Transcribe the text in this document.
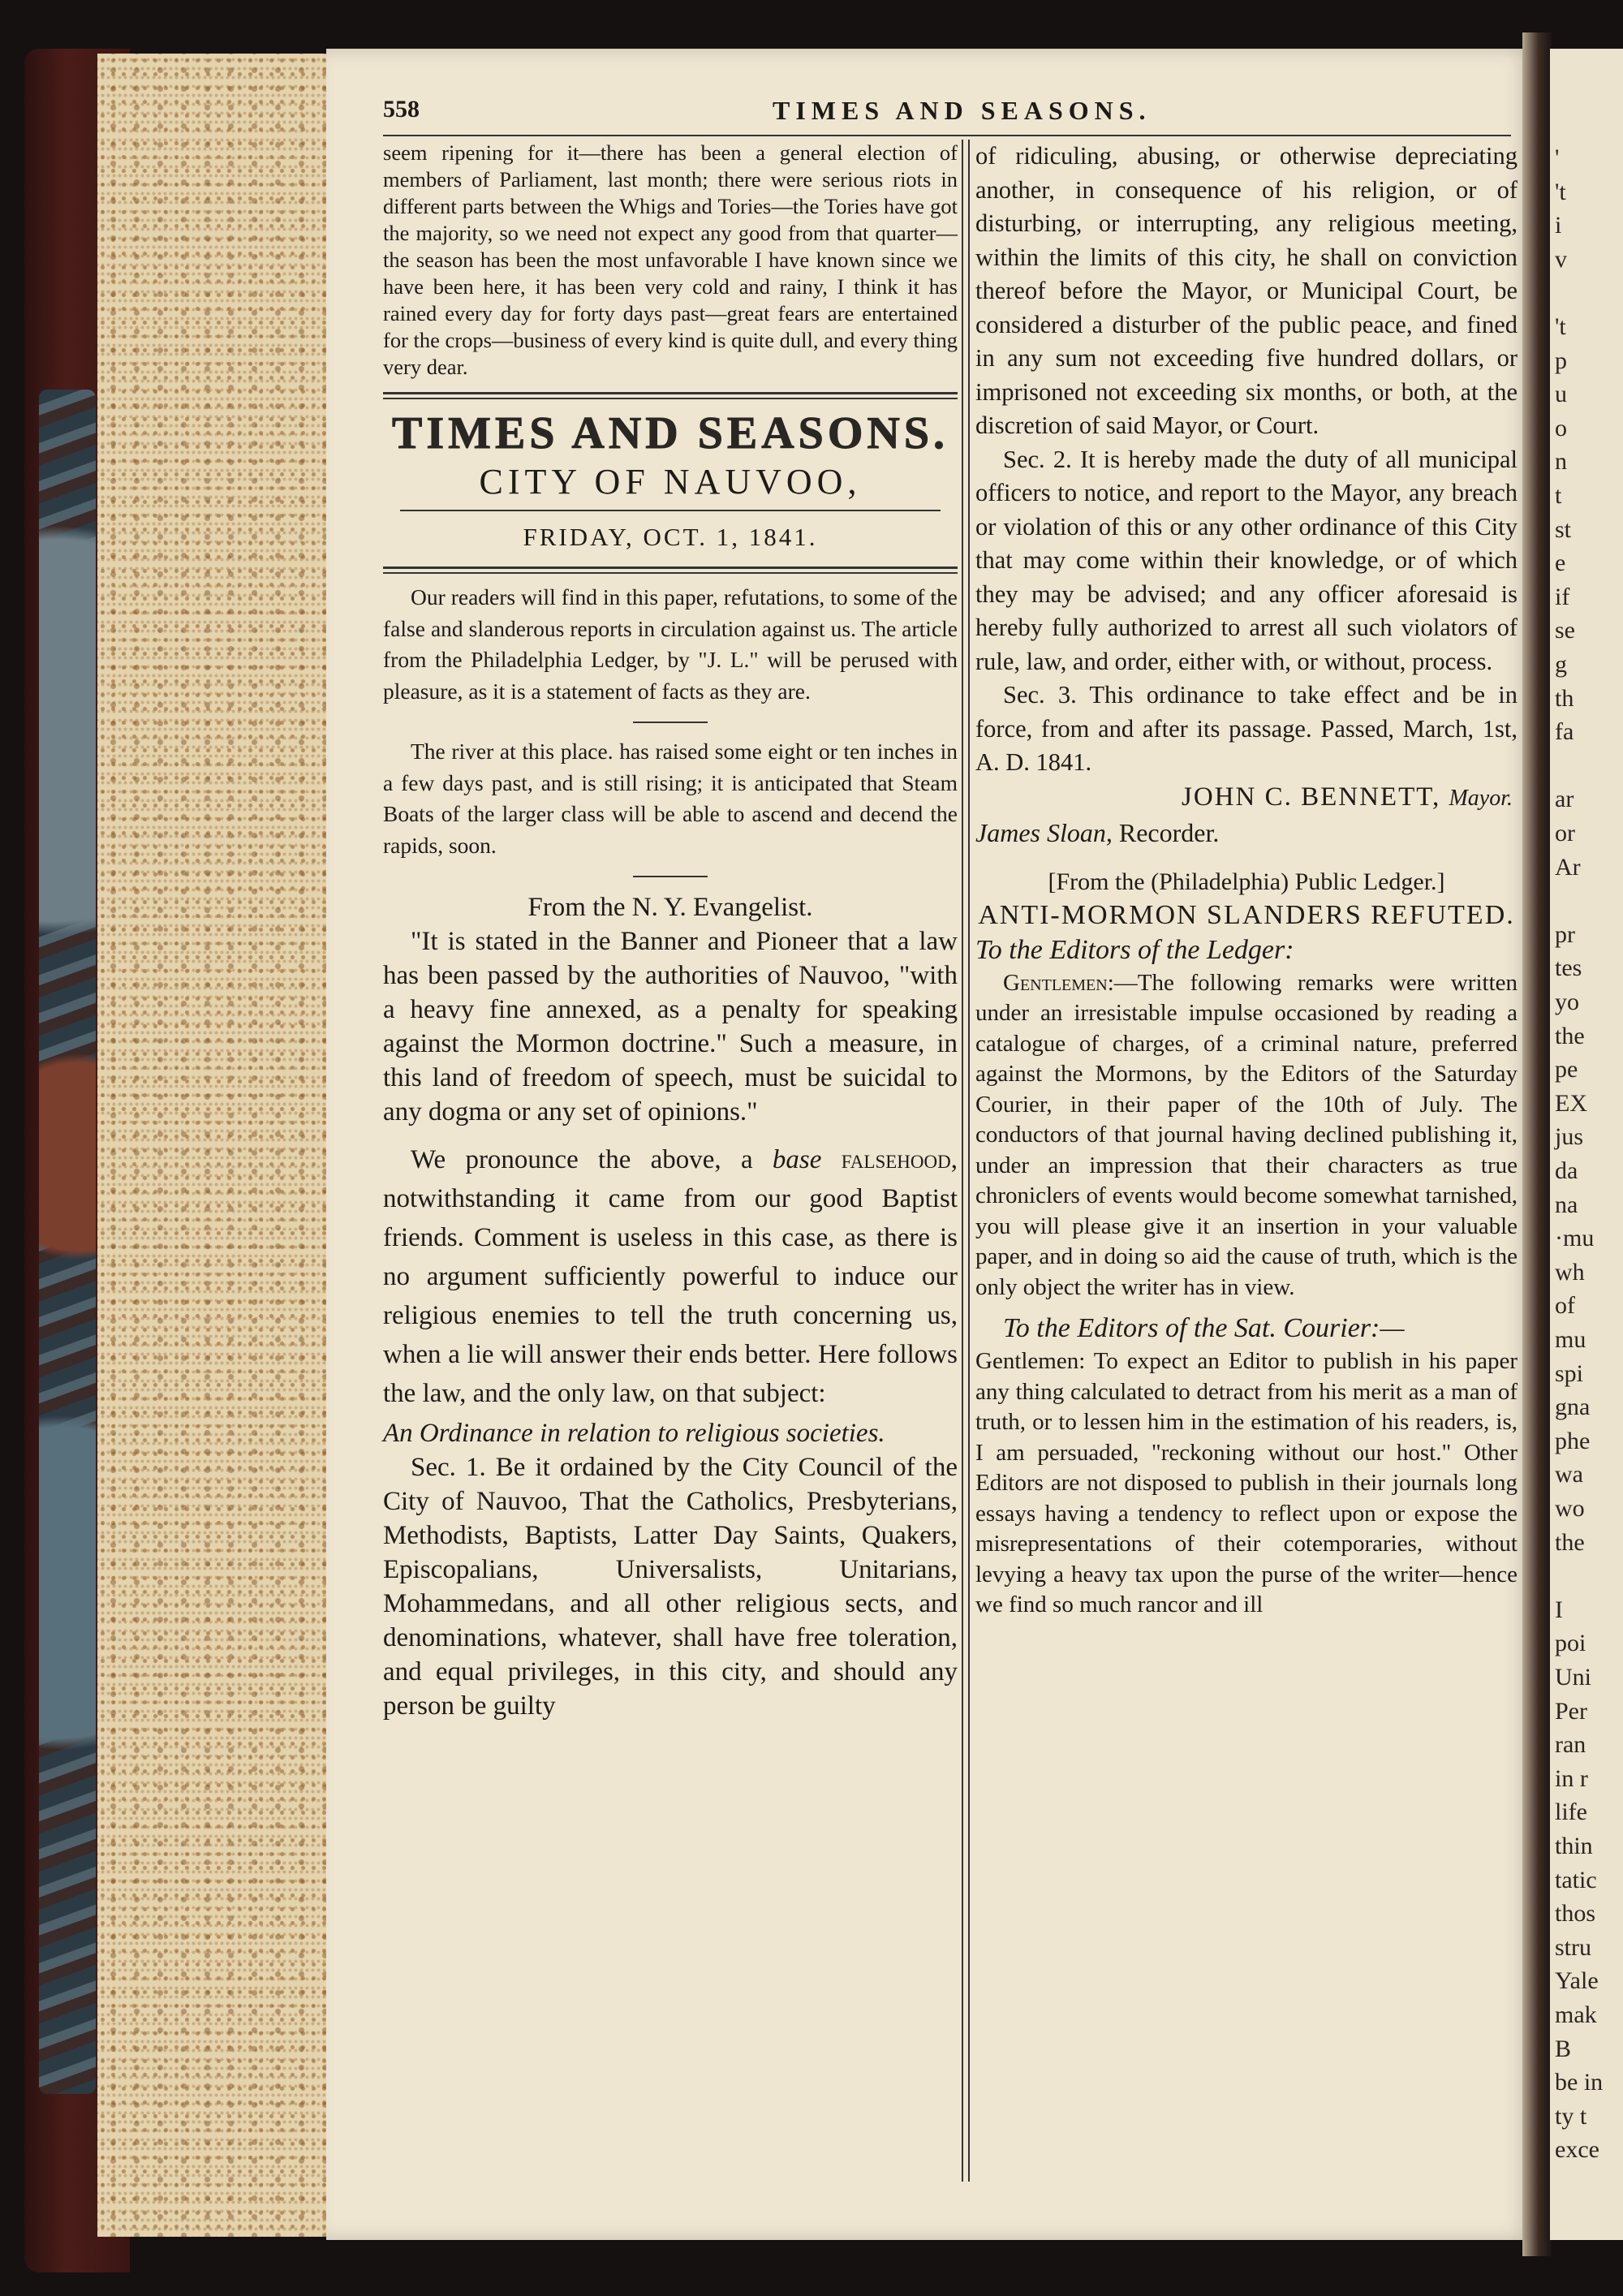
'
't
i
v
't
p
u
o
n
t
st
e
if
se
g
th
fa
ar
or
Ar
pr
tes
yo
the
pe
EX
jus
da
na
·mu
wh
of
mu
spi
gna
phe
wa
wo
the
I
poi
Uni
Per
ran
in r
life
thin
tatic
thos
stru
Yale
mak
B
be in
ty t
exce
558	TIMES AND SEASONS.

seem ripening for it—there has been a general election of members of Parliament, last month; there were serious riots in different parts between the Whigs and Tories—the Tories have got the majority, so we need not expect any good from that quarter—the season has been the most unfavorable I have known since we have been here, it has been very cold and rainy, I think it has rained every day for forty days past—great fears are entertained for the crops—business of every kind is quite dull, and every thing very dear.

TIMES AND SEASONS.
CITY OF NAUVOO,
FRIDAY, OCT. 1, 1841.

Our readers will find in this paper, refutations, to some of the false and slanderous reports in circulation against us. The article from the Philadelphia Ledger, by "J. L." will be perused with pleasure, as it is a statement of facts as they are.

The river at this place. has raised some eight or ten inches in a few days past, and is still rising; it is anticipated that Steam Boats of the larger class will be able to ascend and decend the rapids, soon.

From the N. Y. Evangelist.

"It is stated in the Banner and Pioneer that a law has been passed by the authorities of Nauvoo, "with a heavy fine annexed, as a penalty for speaking against the Mormon doctrine." Such a measure, in this land of freedom of speech, must be suicidal to any dogma or any set of opinions."

We pronounce the above, a base falsehood, notwithstanding it came from our good Baptist friends. Comment is useless in this case, as there is no argument sufficiently powerful to induce our religious enemies to tell the truth concerning us, when a lie will answer their ends better. Here follows the law, and the only law, on that subject:

An Ordinance in relation to religious societies.

Sec. 1. Be it ordained by the City Council of the City of Nauvoo, That the Catholics, Presbyterians, Methodists, Baptists, Latter Day Saints, Quakers, Episcopalians, Universalists, Unitarians, Mohammedans, and all other religious sects, and denominations, whatever, shall have free toleration, and equal privileges, in this city, and should any person be guilty

of ridiculing, abusing, or otherwise depreciating another, in consequence of his religion, or of disturbing, or interrupting, any religious meeting, within the limits of this city, he shall on conviction thereof before the Mayor, or Municipal Court, be considered a disturber of the public peace, and fined in any sum not exceeding five hundred dollars, or imprisoned not exceeding six months, or both, at the discretion of said Mayor, or Court.

Sec. 2. It is hereby made the duty of all municipal officers to notice, and report to the Mayor, any breach or violation of this or any other ordinance of this City that may come within their knowledge, or of which they may be advised; and any officer aforesaid is hereby fully authorized to arrest all such violators of rule, law, and order, either with, or without, process.

Sec. 3. This ordinance to take effect and be in force, from and after its passage. Passed, March, 1st, A. D. 1841.

JOHN C. BENNETT, Mayor.

James Sloan, Recorder.

[From the (Philadelphia) Public Ledger.]

ANTI-MORMON SLANDERS REFUTED.

To the Editors of the Ledger:

Gentlemen:—The following remarks were written under an irresistable impulse occasioned by reading a catalogue of charges, of a criminal nature, preferred against the Mormons, by the Editors of the Saturday Courier, in their paper of the 10th of July. The conductors of that journal having declined publishing it, under an impression that their characters as true chroniclers of events would become somewhat tarnished, you will please give it an insertion in your valuable paper, and in doing so aid the cause of truth, which is the only object the writer has in view.

To the Editors of the Sat. Courier:—

Gentlemen: To expect an Editor to publish in his paper any thing calculated to detract from his merit as a man of truth, or to lessen him in the estimation of his readers, is, I am persuaded, "reckoning without our host." Other Editors are not disposed to publish in their journals long essays having a tendency to reflect upon or expose the misrepresentations of their cotemporaries, without levying a heavy tax upon the purse of the writer—hence we find so much rancor and ill
